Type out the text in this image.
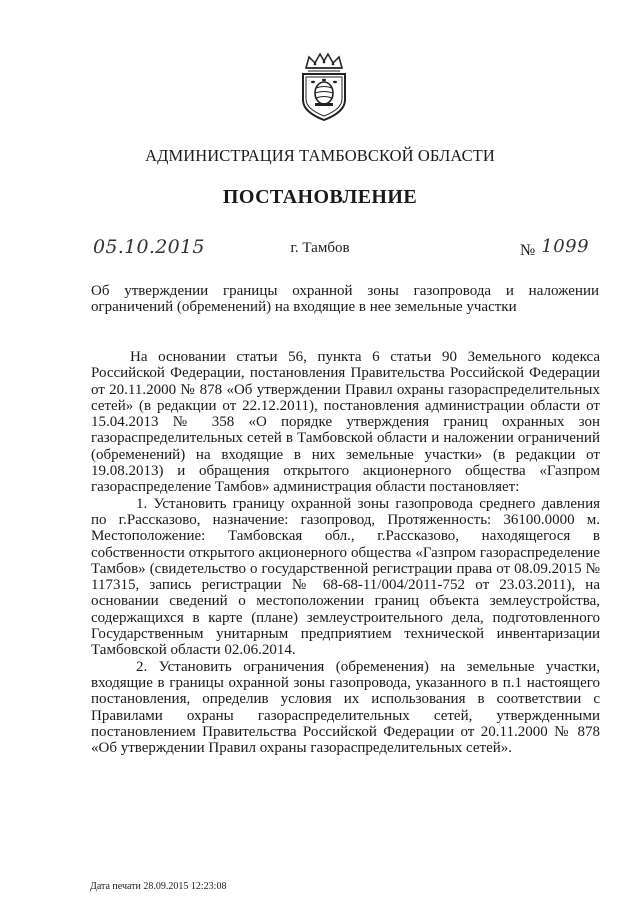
АДМИНИСТРАЦИЯ ТАМБОВСКОЙ ОБЛАСТИ
ПОСТАНОВЛЕНИЕ
05.10.2015	г. Тамбов	№ 1099
Об утверждении границы охранной зоны газопровода и наложении ограничений (обременений) на входящие в нее земельные участки

На основании статьи 56, пункта 6 статьи 90 Земельного кодекса Российской Федерации, постановления Правительства Российской Федерации от 20.11.2000 № 878 «Об утверждении Правил охраны газораспределительных сетей» (в редакции от 22.12.2011), постановления администрации области от 15.04.2013 № 358 «О порядке утверждения границ охранных зон газораспределительных сетей в Тамбовской области и наложении ограничений (обременений) на входящие в них земельные участки» (в редакции от 19.08.2013) и обращения открытого акционерного общества «Газпром газораспределение Тамбов» администрация области постановляет:

1. Установить границу охранной зоны газопровода среднего давления по г.Рассказово, назначение: газопровод, Протяженность: 36100.0000 м. Местоположение: Тамбовская обл., г.Рассказово, находящегося в собственности открытого акционерного общества «Газпром газораспределение Тамбов» (свидетельство о государственной регистрации права от 08.09.2015 № 117315, запись регистрации № 68-68-11/004/2011-752 от 23.03.2011), на основании сведений о местоположении границ объекта землеустройства, содержащихся в карте (плане) землеустроительного дела, подготовленного Государственным унитарным предприятием технической инвентаризации Тамбовской области 02.06.2014.

2. Установить ограничения (обременения) на земельные участки, входящие в границы охранной зоны газопровода, указанного в п.1 настоящего постановления, определив условия их использования в соответствии с Правилами охраны газораспределительных сетей, утвержденными постановлением Правительства Российской Федерации от 20.11.2000 № 878 «Об утверждении Правил охраны газораспределительных сетей».

Дата печати 28.09.2015 12:23:08
